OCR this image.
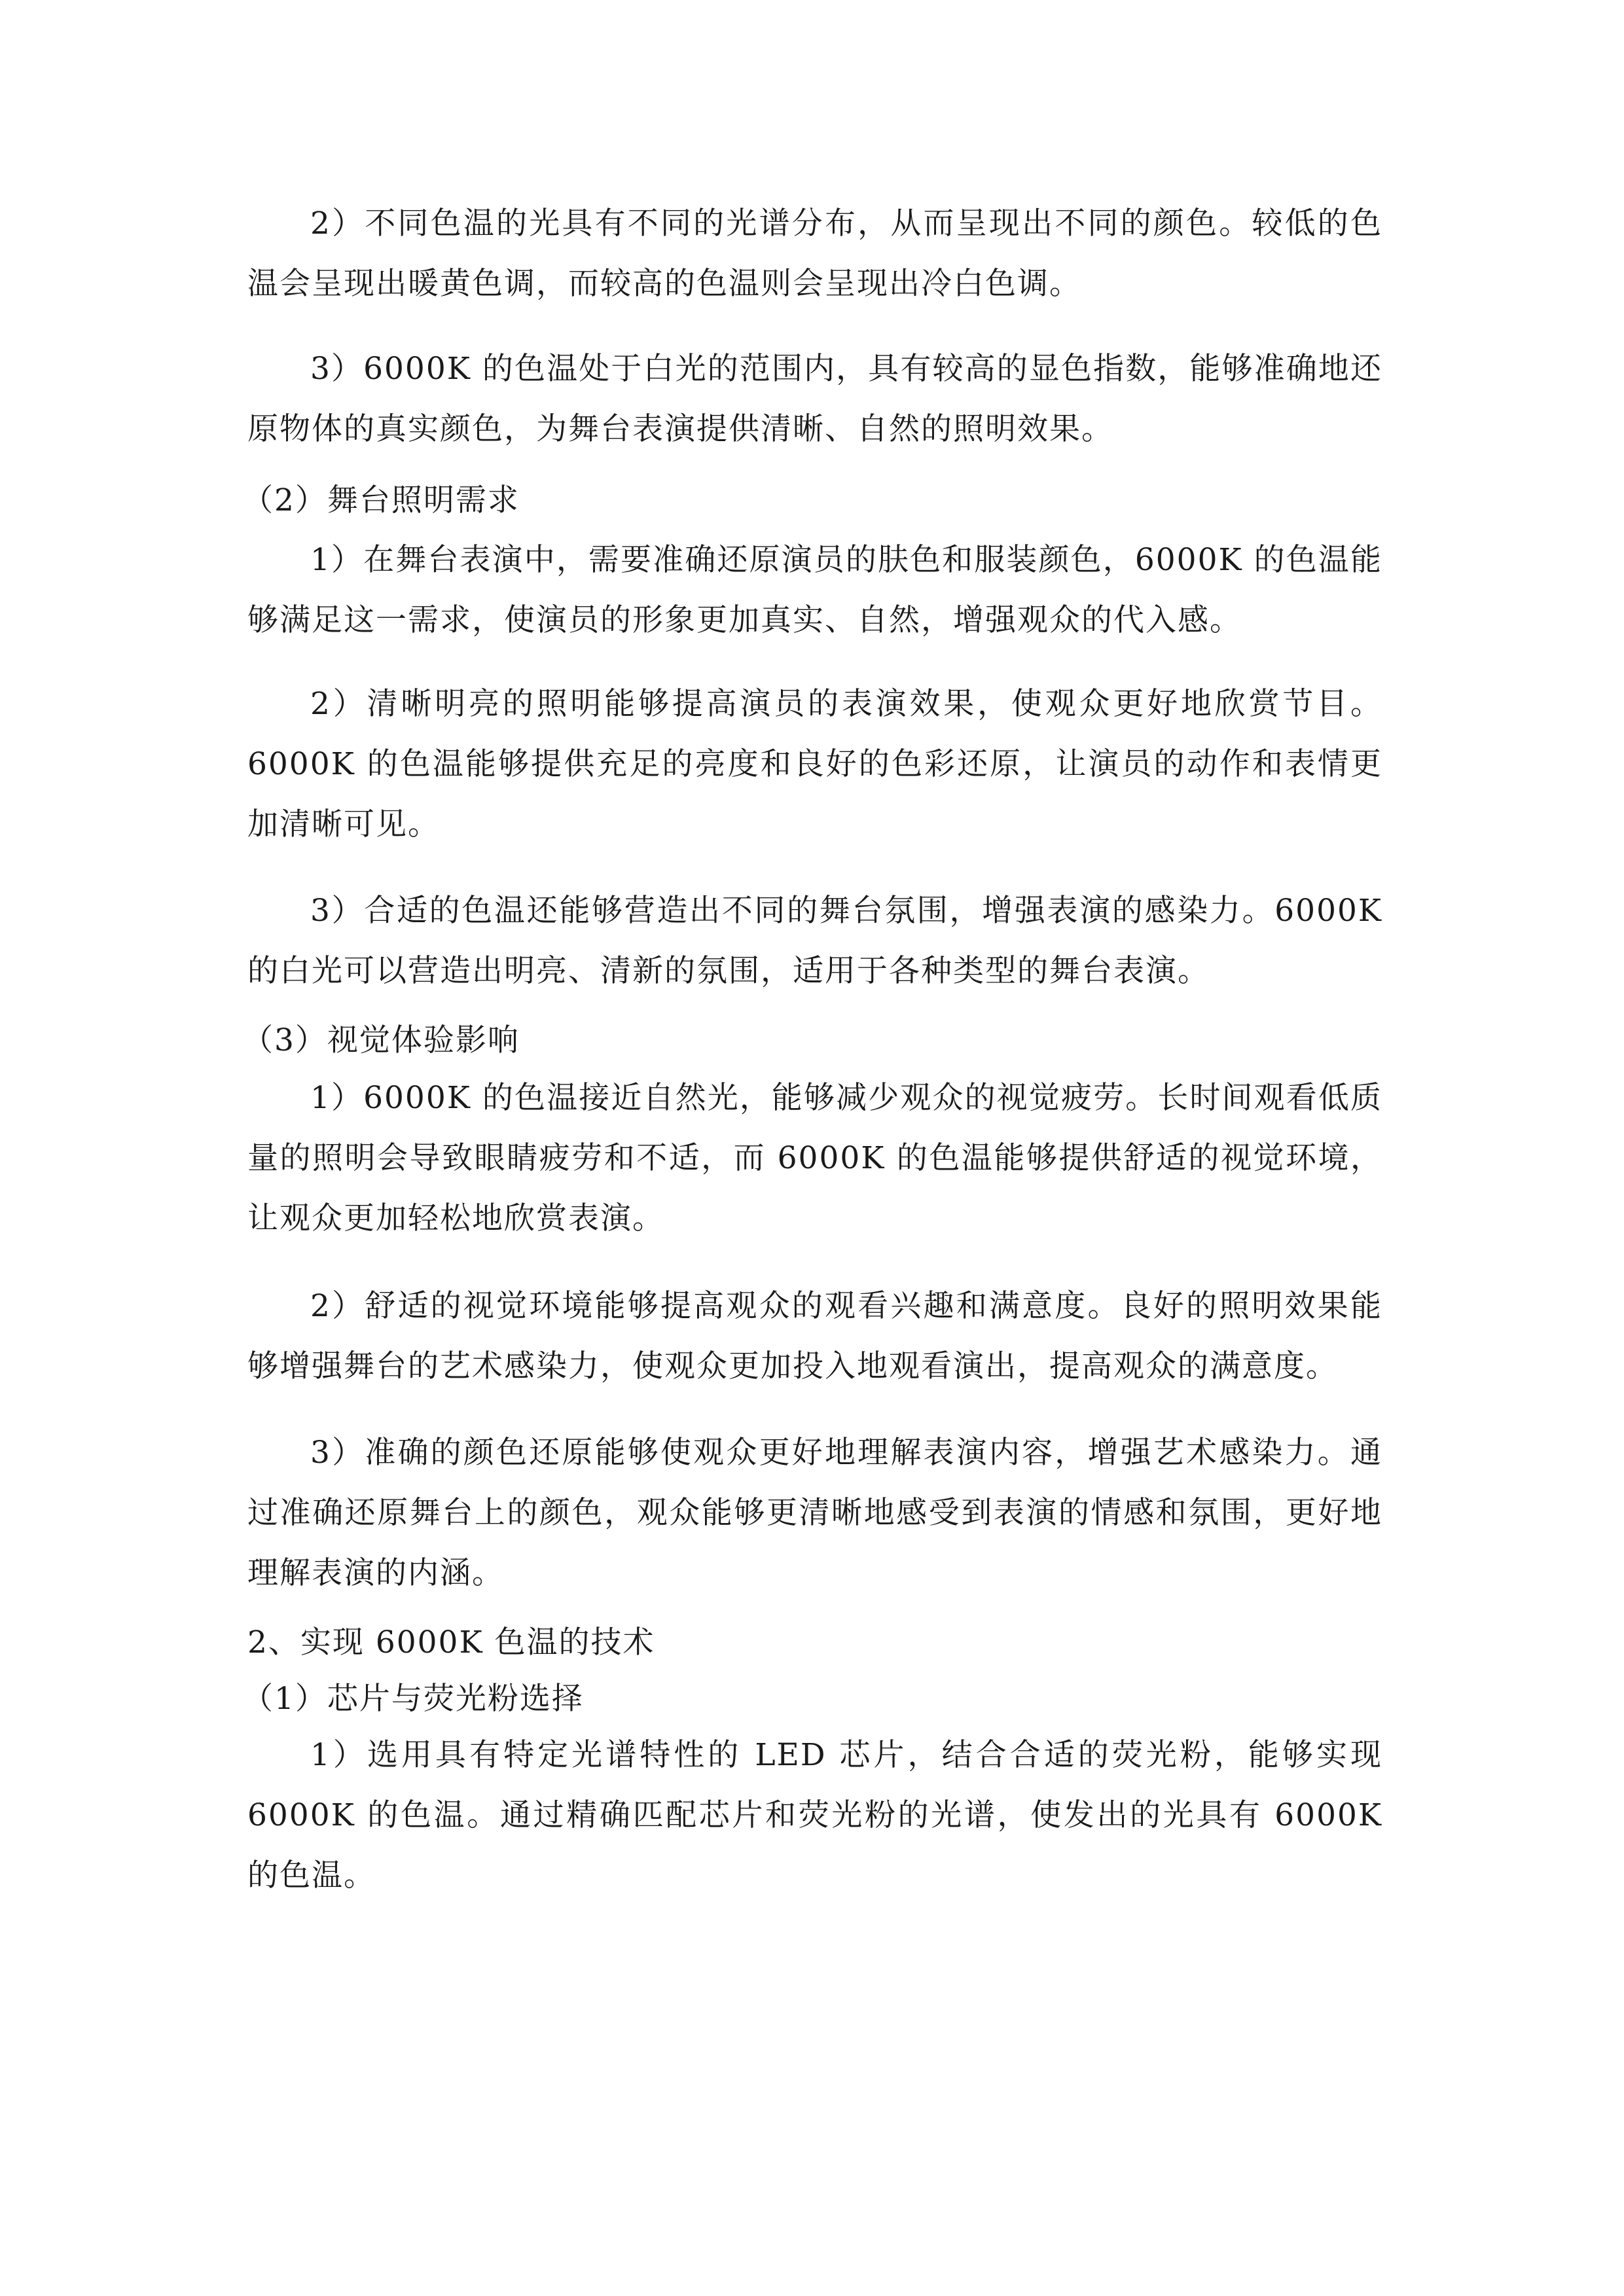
2）不同色温的光具有不同的光谱分布，从而呈现出不同的颜色。较低的色温会呈现出暖黄色调，而较高的色温则会呈现出冷白色调。

3）6000K 的色温处于白光的范围内，具有较高的显色指数，能够准确地还原物体的真实颜色，为舞台表演提供清晰、自然的照明效果。

（2）舞台照明需求

1）在舞台表演中，需要准确还原演员的肤色和服装颜色，6000K 的色温能够满足这一需求，使演员的形象更加真实、自然，增强观众的代入感。

2）清晰明亮的照明能够提高演员的表演效果，使观众更好地欣赏节目。6000K 的色温能够提供充足的亮度和良好的色彩还原，让演员的动作和表情更加清晰可见。

3）合适的色温还能够营造出不同的舞台氛围，增强表演的感染力。6000K 的白光可以营造出明亮、清新的氛围，适用于各种类型的舞台表演。

（3）视觉体验影响

1）6000K 的色温接近自然光，能够减少观众的视觉疲劳。长时间观看低质量的照明会导致眼睛疲劳和不适，而 6000K 的色温能够提供舒适的视觉环境，让观众更加轻松地欣赏表演。

2）舒适的视觉环境能够提高观众的观看兴趣和满意度。良好的照明效果能够增强舞台的艺术感染力，使观众更加投入地观看演出，提高观众的满意度。

3）准确的颜色还原能够使观众更好地理解表演内容，增强艺术感染力。通过准确还原舞台上的颜色，观众能够更清晰地感受到表演的情感和氛围，更好地理解表演的内涵。

2、实现 6000K 色温的技术

（1）芯片与荧光粉选择

1）选用具有特定光谱特性的 LED 芯片，结合合适的荧光粉，能够实现 6000K 的色温。通过精确匹配芯片和荧光粉的光谱，使发出的光具有 6000K 的色温。
